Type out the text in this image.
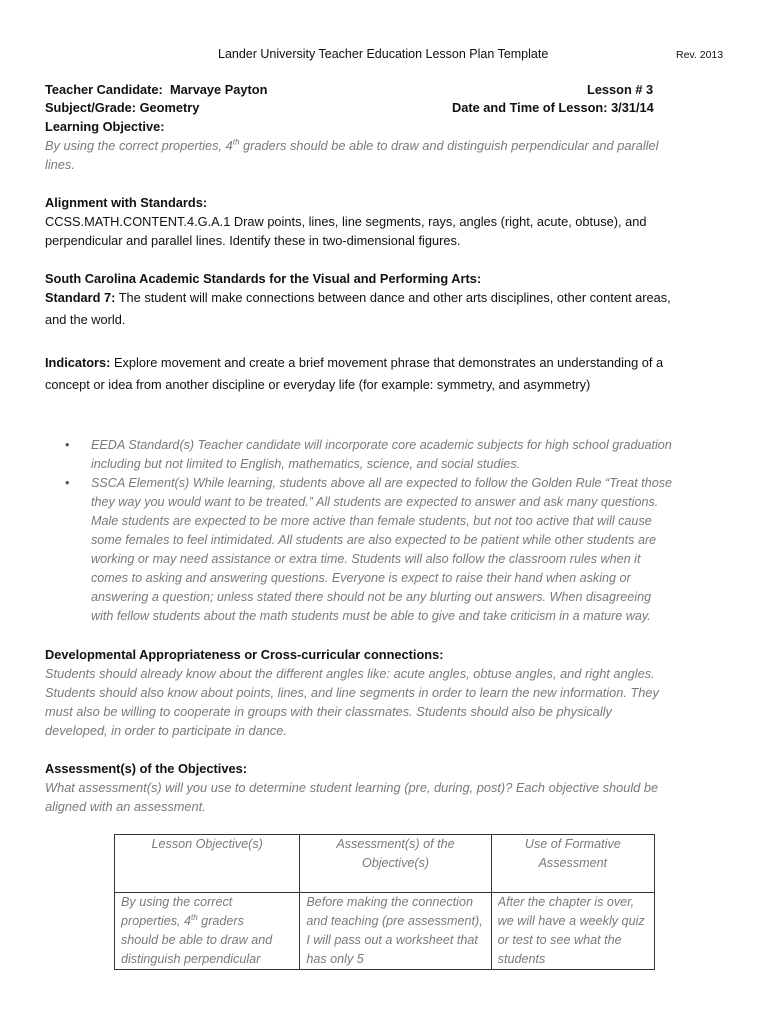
Lander University Teacher Education Lesson Plan Template	Rev. 2013
Teacher Candidate: Marvaye Payton	Lesson # 3
Subject/Grade: Geometry	Date and Time of Lesson: 3/31/14
Learning Objective:
By using the correct properties, 4th graders should be able to draw and distinguish perpendicular and parallel
lines.
Alignment with Standards:
CCSS.MATH.CONTENT.4.G.A.1 Draw points, lines, line segments, rays, angles (right, acute, obtuse), and
perpendicular and parallel lines. Identify these in two-dimensional figures.
South Carolina Academic Standards for the Visual and Performing Arts:
Standard 7: The student will make connections between dance and other arts disciplines, other content areas,
and the world.
Indicators: Explore movement and create a brief movement phrase that demonstrates an understanding of a
concept or idea from another discipline or everyday life (for example: symmetry, and asymmetry)
• EEDA Standard(s) Teacher candidate will incorporate core academic subjects for high school graduation
including but not limited to English, mathematics, science, and social studies.
• SSCA Element(s) While learning, students above all are expected to follow the Golden Rule “Treat those
they way you would want to be treated.” All students are expected to answer and ask many questions.
Male students are expected to be more active than female students, but not too active that will cause
some females to feel intimidated. All students are also expected to be patient while other students are
working or may need assistance or extra time. Students will also follow the classroom rules when it
comes to asking and answering questions. Everyone is expect to raise their hand when asking or
answering a question; unless stated there should not be any blurting out answers. When disagreeing
with fellow students about the math students must be able to give and take criticism in a mature way.
Developmental Appropriateness or Cross-curricular connections:
Students should already know about the different angles like: acute angles, obtuse angles, and right angles.
Students should also know about points, lines, and line segments in order to learn the new information. They
must also be willing to cooperate in groups with their classmates. Students should also be physically
developed, in order to participate in dance.
Assessment(s) of the Objectives:
What assessment(s) will you use to determine student learning (pre, during, post)? Each objective should be
aligned with an assessment.
Lesson Objective(s)	Assessment(s) of the Objective(s)	Use of Formative Assessment

By using the correct
properties, 4th graders
should be able to draw and
distinguish perpendicular	Before making the connection and teaching (pre assessment), I will pass out a worksheet that has only 5	After the chapter is over, we will have a weekly quiz or test to see what the students
